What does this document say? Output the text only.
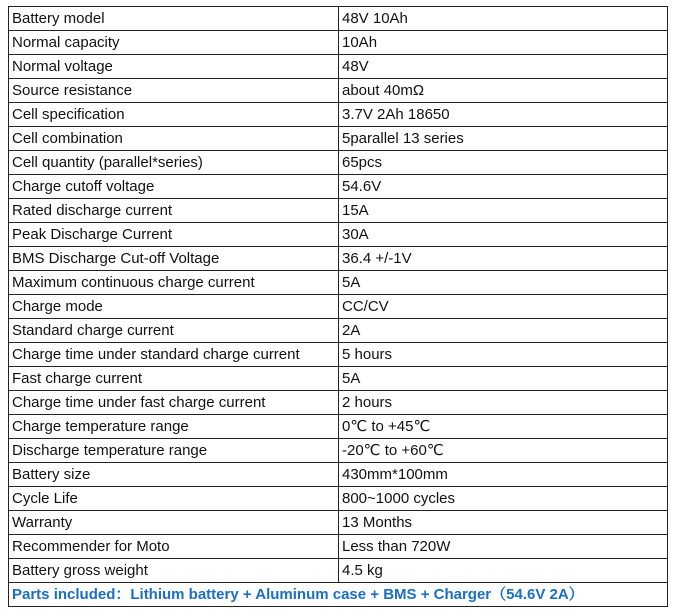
Battery model	48V 10Ah
Normal capacity	10Ah
Normal voltage	48V
Source resistance	about 40mΩ
Cell specification	3.7V 2Ah 18650
Cell combination	5parallel 13 series
Cell quantity (parallel*series)	65pcs
Charge cutoff voltage	54.6V
Rated discharge current	15A
Peak Discharge Current	30A
BMS Discharge Cut-off Voltage	36.4 +/-1V
Maximum continuous charge current	5A
Charge mode	CC/CV
Standard charge current	2A
Charge time under standard charge current	5 hours
Fast charge current	5A
Charge time under fast charge current	2 hours
Charge temperature range	0℃ to +45℃
Discharge temperature range	-20℃ to +60℃
Battery size	430mm*100mm
Cycle Life	800~1000 cycles
Warranty	13 Months
Recommender for Moto	Less than 720W
Battery gross weight	4.5 kg
Parts included：Lithium battery + Aluminum case + BMS + Charger（54.6V 2A）	
